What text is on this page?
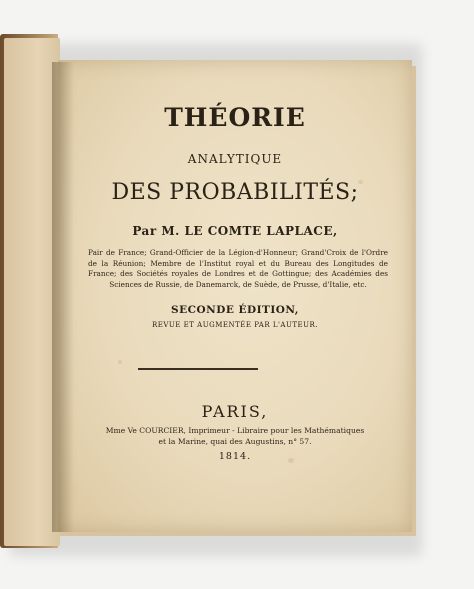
THÉORIE
ANALYTIQUE
DES PROBABILITÉS;
Par M. LE COMTE LAPLACE,
Pair de France; Grand-Officier de la Légion-d'Honneur; Grand'Croix de l'Ordre de la Réunion; Membre de l'Institut royal et du Bureau des Longitudes de France; des Sociétés royales de Londres et de Gottingue; des Académies des Sciences de Russie, de Danemarck, de Suède, de Prusse, d'Italie, etc.
SECONDE ÉDITION,
REVUE ET AUGMENTÉE PAR L'AUTEUR.
PARIS,
Mme Ve COURCIER, Imprimeur - Libraire pour les Mathématiques
et la Marine, quai des Augustins, n° 57.
1814.
